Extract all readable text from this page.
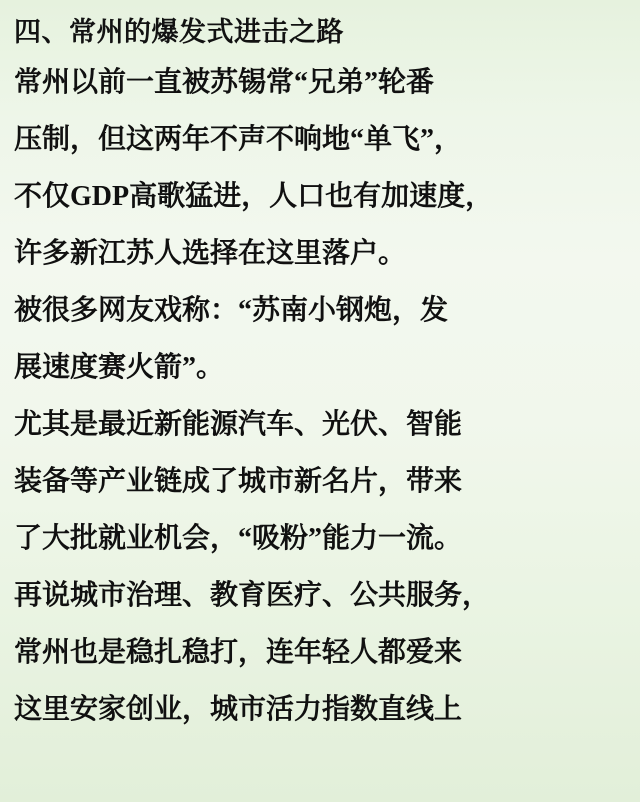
四、常州的爆发式进击之路
常州以前一直被苏锡常“兄弟”轮番
压制，但这两年不声不响地“单飞”，
不仅GDP高歌猛进，人口也有加速度，
许多新江苏人选择在这里落户。
被很多网友戏称：“苏南小钢炮，发
展速度赛火箭”。
尤其是最近新能源汽车、光伏、智能
装备等产业链成了城市新名片，带来
了大批就业机会，“吸粉”能力一流。
再说城市治理、教育医疗、公共服务，
常州也是稳扎稳打，连年轻人都爱来
这里安家创业，城市活力指数直线上
